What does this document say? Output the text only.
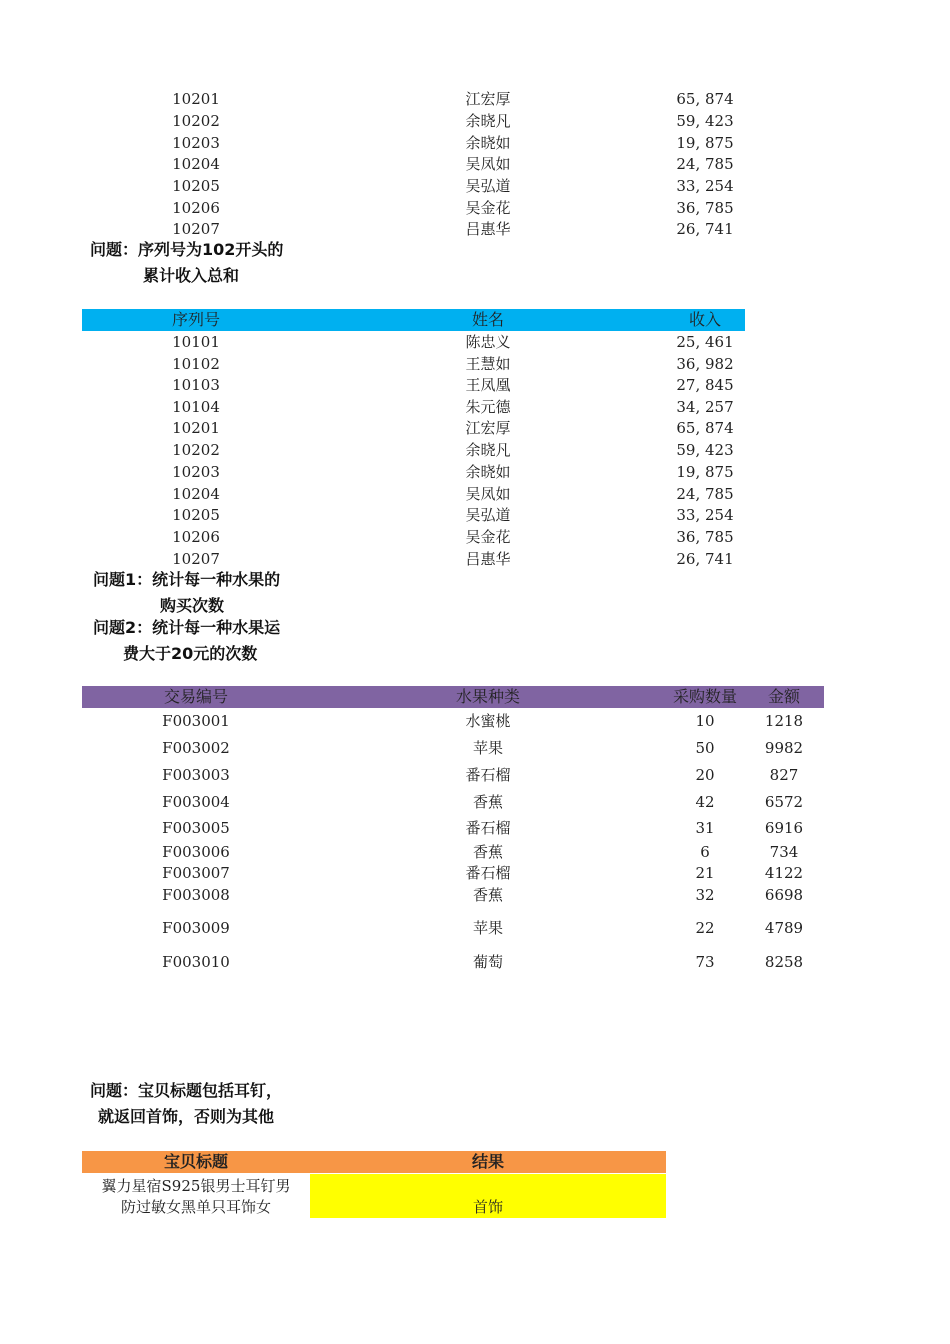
10201	江宏厚	65, 874
10202	余晓凡	59, 423
10203	余晓如	19, 875
10204	吴凤如	24, 785
10205	吴弘道	33, 254
10206	吴金花	36, 785
10207	吕惠华	26, 741
问题：序列号为102开头的
累计收入总和
序列号	姓名	收入
10101	陈忠义	25, 461
10102	王慧如	36, 982
10103	王凤凰	27, 845
10104	朱元德	34, 257
10201	江宏厚	65, 874
10202	余晓凡	59, 423
10203	余晓如	19, 875
10204	吴凤如	24, 785
10205	吴弘道	33, 254
10206	吴金花	36, 785
10207	吕惠华	26, 741
问题1：统计每一种水果的
购买次数
问题2：统计每一种水果运
费大于20元的次数
交易编号	水果种类	采购数量	金额
F003001	水蜜桃	10	1218
F003002	苹果	50	9982
F003003	番石榴	20	827
F003004	香蕉	42	6572
F003005	番石榴	31	6916
F003006	香蕉	6	734
F003007	番石榴	21	4122
F003008	香蕉	32	6698
F003009	苹果	22	4789
F003010	葡萄	73	8258
问题：宝贝标题包括耳钉，
就返回首饰，否则为其他
宝贝标题	结果
翼力星宿S925银男士耳钉男
防过敏女黑单只耳饰女	首饰
